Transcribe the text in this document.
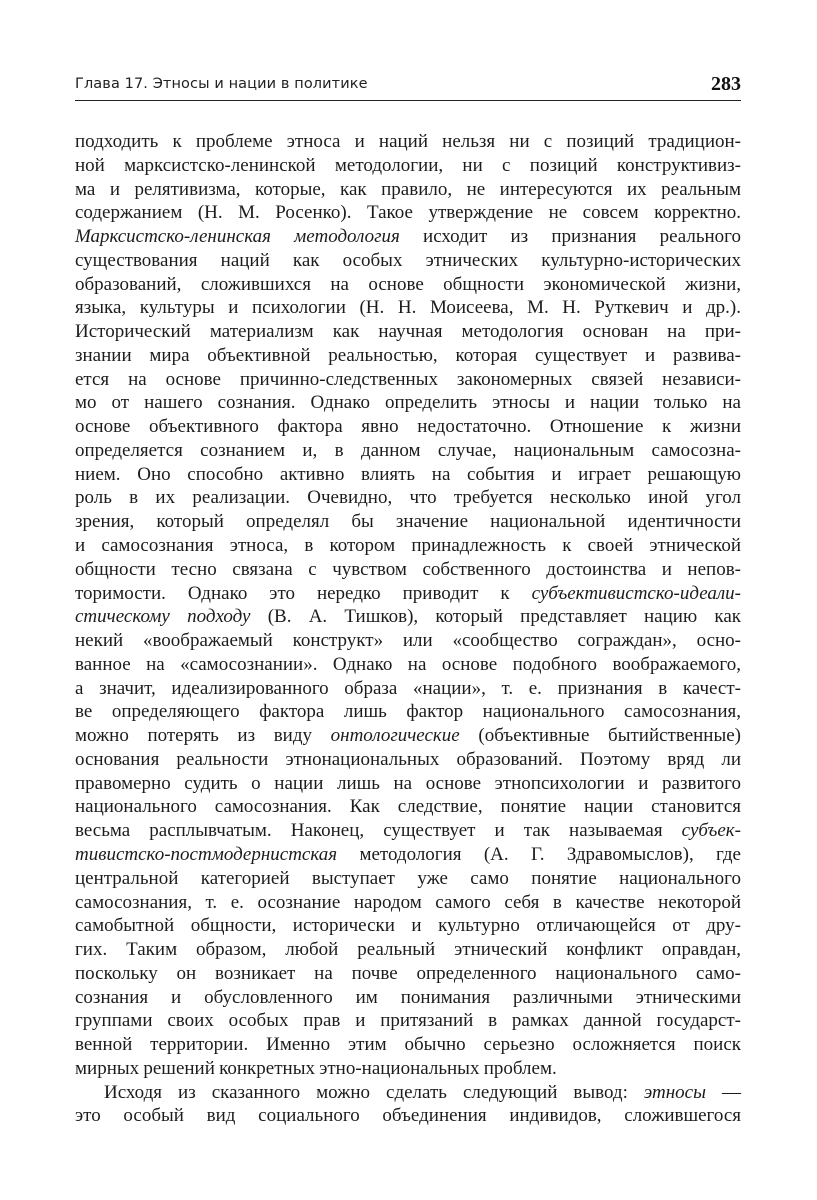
Глава 17. Этносы и нации в политике	283
подходить к проблеме этноса и наций нельзя ни с позиций традицион-
ной марксистско-ленинской методологии, ни с позиций конструктивиз-
ма и релятивизма, которые, как правило, не интересуются их реальным
содержанием (Н. М. Росенко). Такое утверждение не совсем корректно.
Марксистско-ленинская методология исходит из признания реального
существования наций как особых этнических культурно-исторических
образований, сложившихся на основе общности экономической жизни,
языка, культуры и психологии (Н. Н. Моисеева, М. Н. Руткевич и др.).
Исторический материализм как научная методология основан на при-
знании мира объективной реальностью, которая существует и развива-
ется на основе причинно-следственных закономерных связей независи-
мо от нашего сознания. Однако определить этносы и нации только на
основе объективного фактора явно недостаточно. Отношение к жизни
определяется сознанием и, в данном случае, национальным самосозна-
нием. Оно способно активно влиять на события и играет решающую
роль в их реализации. Очевидно, что требуется несколько иной угол
зрения, который определял бы значение национальной идентичности
и самосознания этноса, в котором принадлежность к своей этнической
общности тесно связана с чувством собственного достоинства и непов-
торимости. Однако это нередко приводит к субъективистско-идеали-
стическому подходу (В. А. Тишков), который представляет нацию как
некий «воображаемый конструкт» или «сообщество сограждан», осно-
ванное на «самосознании». Однако на основе подобного воображаемого,
а значит, идеализированного образа «нации», т. е. признания в качест-
ве определяющего фактора лишь фактор национального самосознания,
можно потерять из виду онтологические (объективные бытийственные)
основания реальности этнонациональных образований. Поэтому вряд ли
правомерно судить о нации лишь на основе этнопсихологии и развитого
национального самосознания. Как следствие, понятие нации становится
весьма расплывчатым. Наконец, существует и так называемая субъек-
тивистско-постмодернистская методология (А. Г. Здравомыслов), где
центральной категорией выступает уже само понятие национального
самосознания, т. е. осознание народом самого себя в качестве некоторой
самобытной общности, исторически и культурно отличающейся от дру-
гих. Таким образом, любой реальный этнический конфликт оправдан,
поскольку он возникает на почве определенного национального само-
сознания и обусловленного им понимания различными этническими
группами своих особых прав и притязаний в рамках данной государст-
венной территории. Именно этим обычно серьезно осложняется поиск
мирных решений конкретных этно-национальных проблем.
Исходя из сказанного можно сделать следующий вывод: этносы —
это особый вид социального объединения индивидов, сложившегося
